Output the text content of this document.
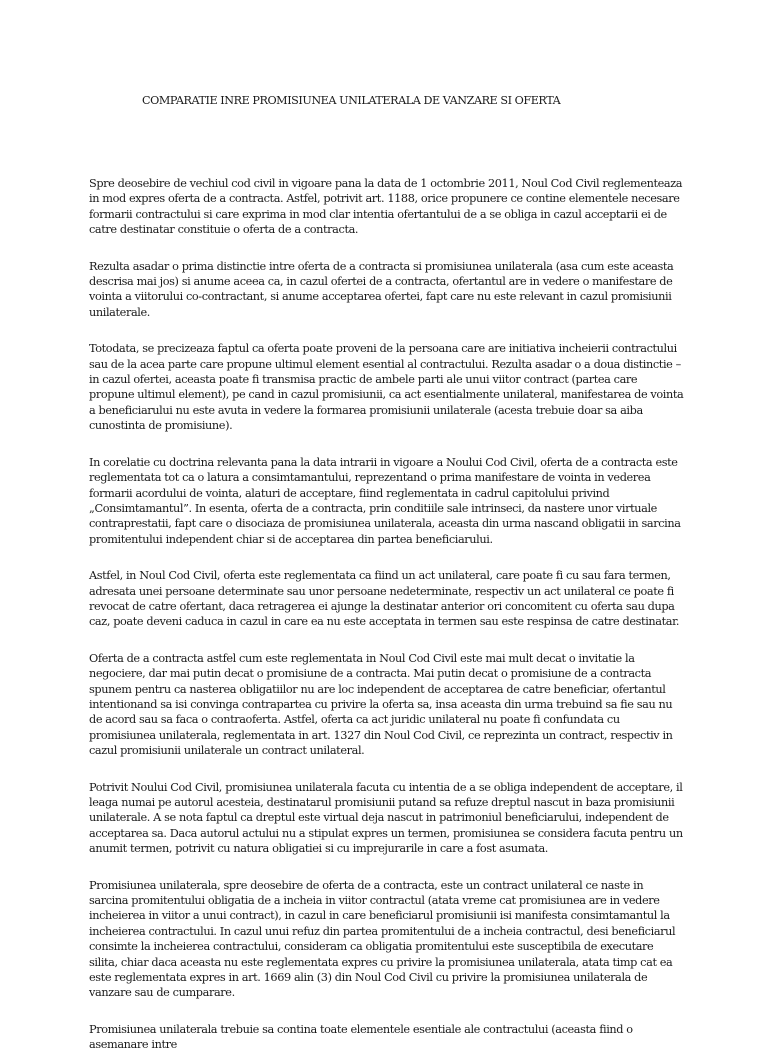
COMPARATIE INRE PROMISIUNEA UNILATERALA DE VANZARE SI OFERTA

Spre deosebire de vechiul cod civil in vigoare pana la data de 1 octombrie 2011, Noul Cod Civil reglementeaza in mod expres oferta de a contracta. Astfel, potrivit art. 1188, orice propunere ce contine elementele necesare formarii contractului si care exprima in mod clar intentia ofertantului de a se obliga in cazul acceptarii ei de catre destinatar constituie o oferta de a contracta.

Rezulta asadar o prima distinctie intre oferta de a contracta si promisiunea unilaterala (asa cum este aceasta descrisa mai jos) si anume aceea ca, in cazul ofertei de a contracta, ofertantul are in vedere o manifestare de vointa a viitorului co-contractant, si anume acceptarea ofertei, fapt care nu este relevant in cazul promisiunii unilaterale.

Totodata, se precizeaza faptul ca oferta poate proveni de la persoana care are initiativa incheierii contractului sau de la acea parte care propune ultimul element esential al contractului. Rezulta asadar o a doua distinctie – in cazul ofertei, aceasta poate fi transmisa practic de ambele parti ale unui viitor contract (partea care propune ultimul element), pe cand in cazul promisiunii, ca act esentialmente unilateral, manifestarea de vointa a beneficiarului nu este avuta in vedere la formarea promisiunii unilaterale (acesta trebuie doar sa aiba cunostinta de promisiune).

In corelatie cu doctrina relevanta pana la data intrarii in vigoare a Noului Cod Civil, oferta de a contracta este reglementata tot ca o latura a consimtamantului, reprezentand o prima manifestare de vointa in vederea formarii acordului de vointa, alaturi de acceptare, fiind reglementata in cadrul capitolului privind „Consimtamantul”. In esenta, oferta de a contracta, prin conditiile sale intrinseci, da nastere unor virtuale contraprestatii, fapt care o disociaza de promisiunea unilaterala, aceasta din urma nascand obligatii in sarcina promitentului independent chiar si de acceptarea din partea beneficiarului.

Astfel, in Noul Cod Civil, oferta este reglementata ca fiind un act unilateral, care poate fi cu sau fara termen, adresata unei persoane determinate sau unor persoane nedeterminate, respectiv un act unilateral ce poate fi revocat de catre ofertant, daca retragerea ei ajunge la destinatar anterior ori concomitent cu oferta sau dupa caz, poate deveni caduca in cazul in care ea nu este acceptata in termen sau este respinsa de catre destinatar.

Oferta de a contracta astfel cum este reglementata in Noul Cod Civil este mai mult decat o invitatie la negociere, dar mai putin decat o promisiune de a contracta. Mai putin decat o promisiune de a contracta spunem pentru ca nasterea obligatiilor nu are loc independent de acceptarea de catre beneficiar, ofertantul intentionand sa isi convinga contrapartea cu privire la oferta sa, insa aceasta din urma trebuind sa fie sau nu de acord sau sa faca o contraoferta. Astfel, oferta ca act juridic unilateral nu poate fi confundata cu promisiunea unilaterala, reglementata in art. 1327 din Noul Cod Civil, ce reprezinta un contract, respectiv in cazul promisiunii unilaterale un contract unilateral.

Potrivit Noului Cod Civil, promisiunea unilaterala facuta cu intentia de a se obliga independent de acceptare, il leaga numai pe autorul acesteia, destinatarul promisiunii putand sa refuze dreptul nascut in baza promisiunii unilaterale. A se nota faptul ca dreptul este virtual deja nascut in patrimoniul beneficiarului, independent de acceptarea sa. Daca autorul actului nu a stipulat expres un termen, promisiunea se considera facuta pentru un anumit termen, potrivit cu natura obligatiei si cu imprejurarile in care a fost asumata.

Promisiunea unilaterala, spre deosebire de oferta de a contracta, este un contract unilateral ce naste in sarcina promitentului obligatia de a incheia in viitor contractul (atata vreme cat promisiunea are in vedere incheierea in viitor a unui contract), in cazul in care beneficiarul promisiunii isi manifesta consimtamantul la incheierea contractului. In cazul unui refuz din partea promitentului de a incheia contractul, desi beneficiarul consimte la incheierea contractului, consideram ca obligatia promitentului este susceptibila de executare silita, chiar daca aceasta nu este reglementata expres cu privire la promisiunea unilaterala, atata timp cat ea este reglementata expres in art. 1669 alin (3) din Noul Cod Civil cu privire la promisiunea unilaterala de vanzare sau de cumparare.

Promisiunea unilaterala trebuie sa contina toate elementele esentiale ale contractului (aceasta fiind o asemanare intre
